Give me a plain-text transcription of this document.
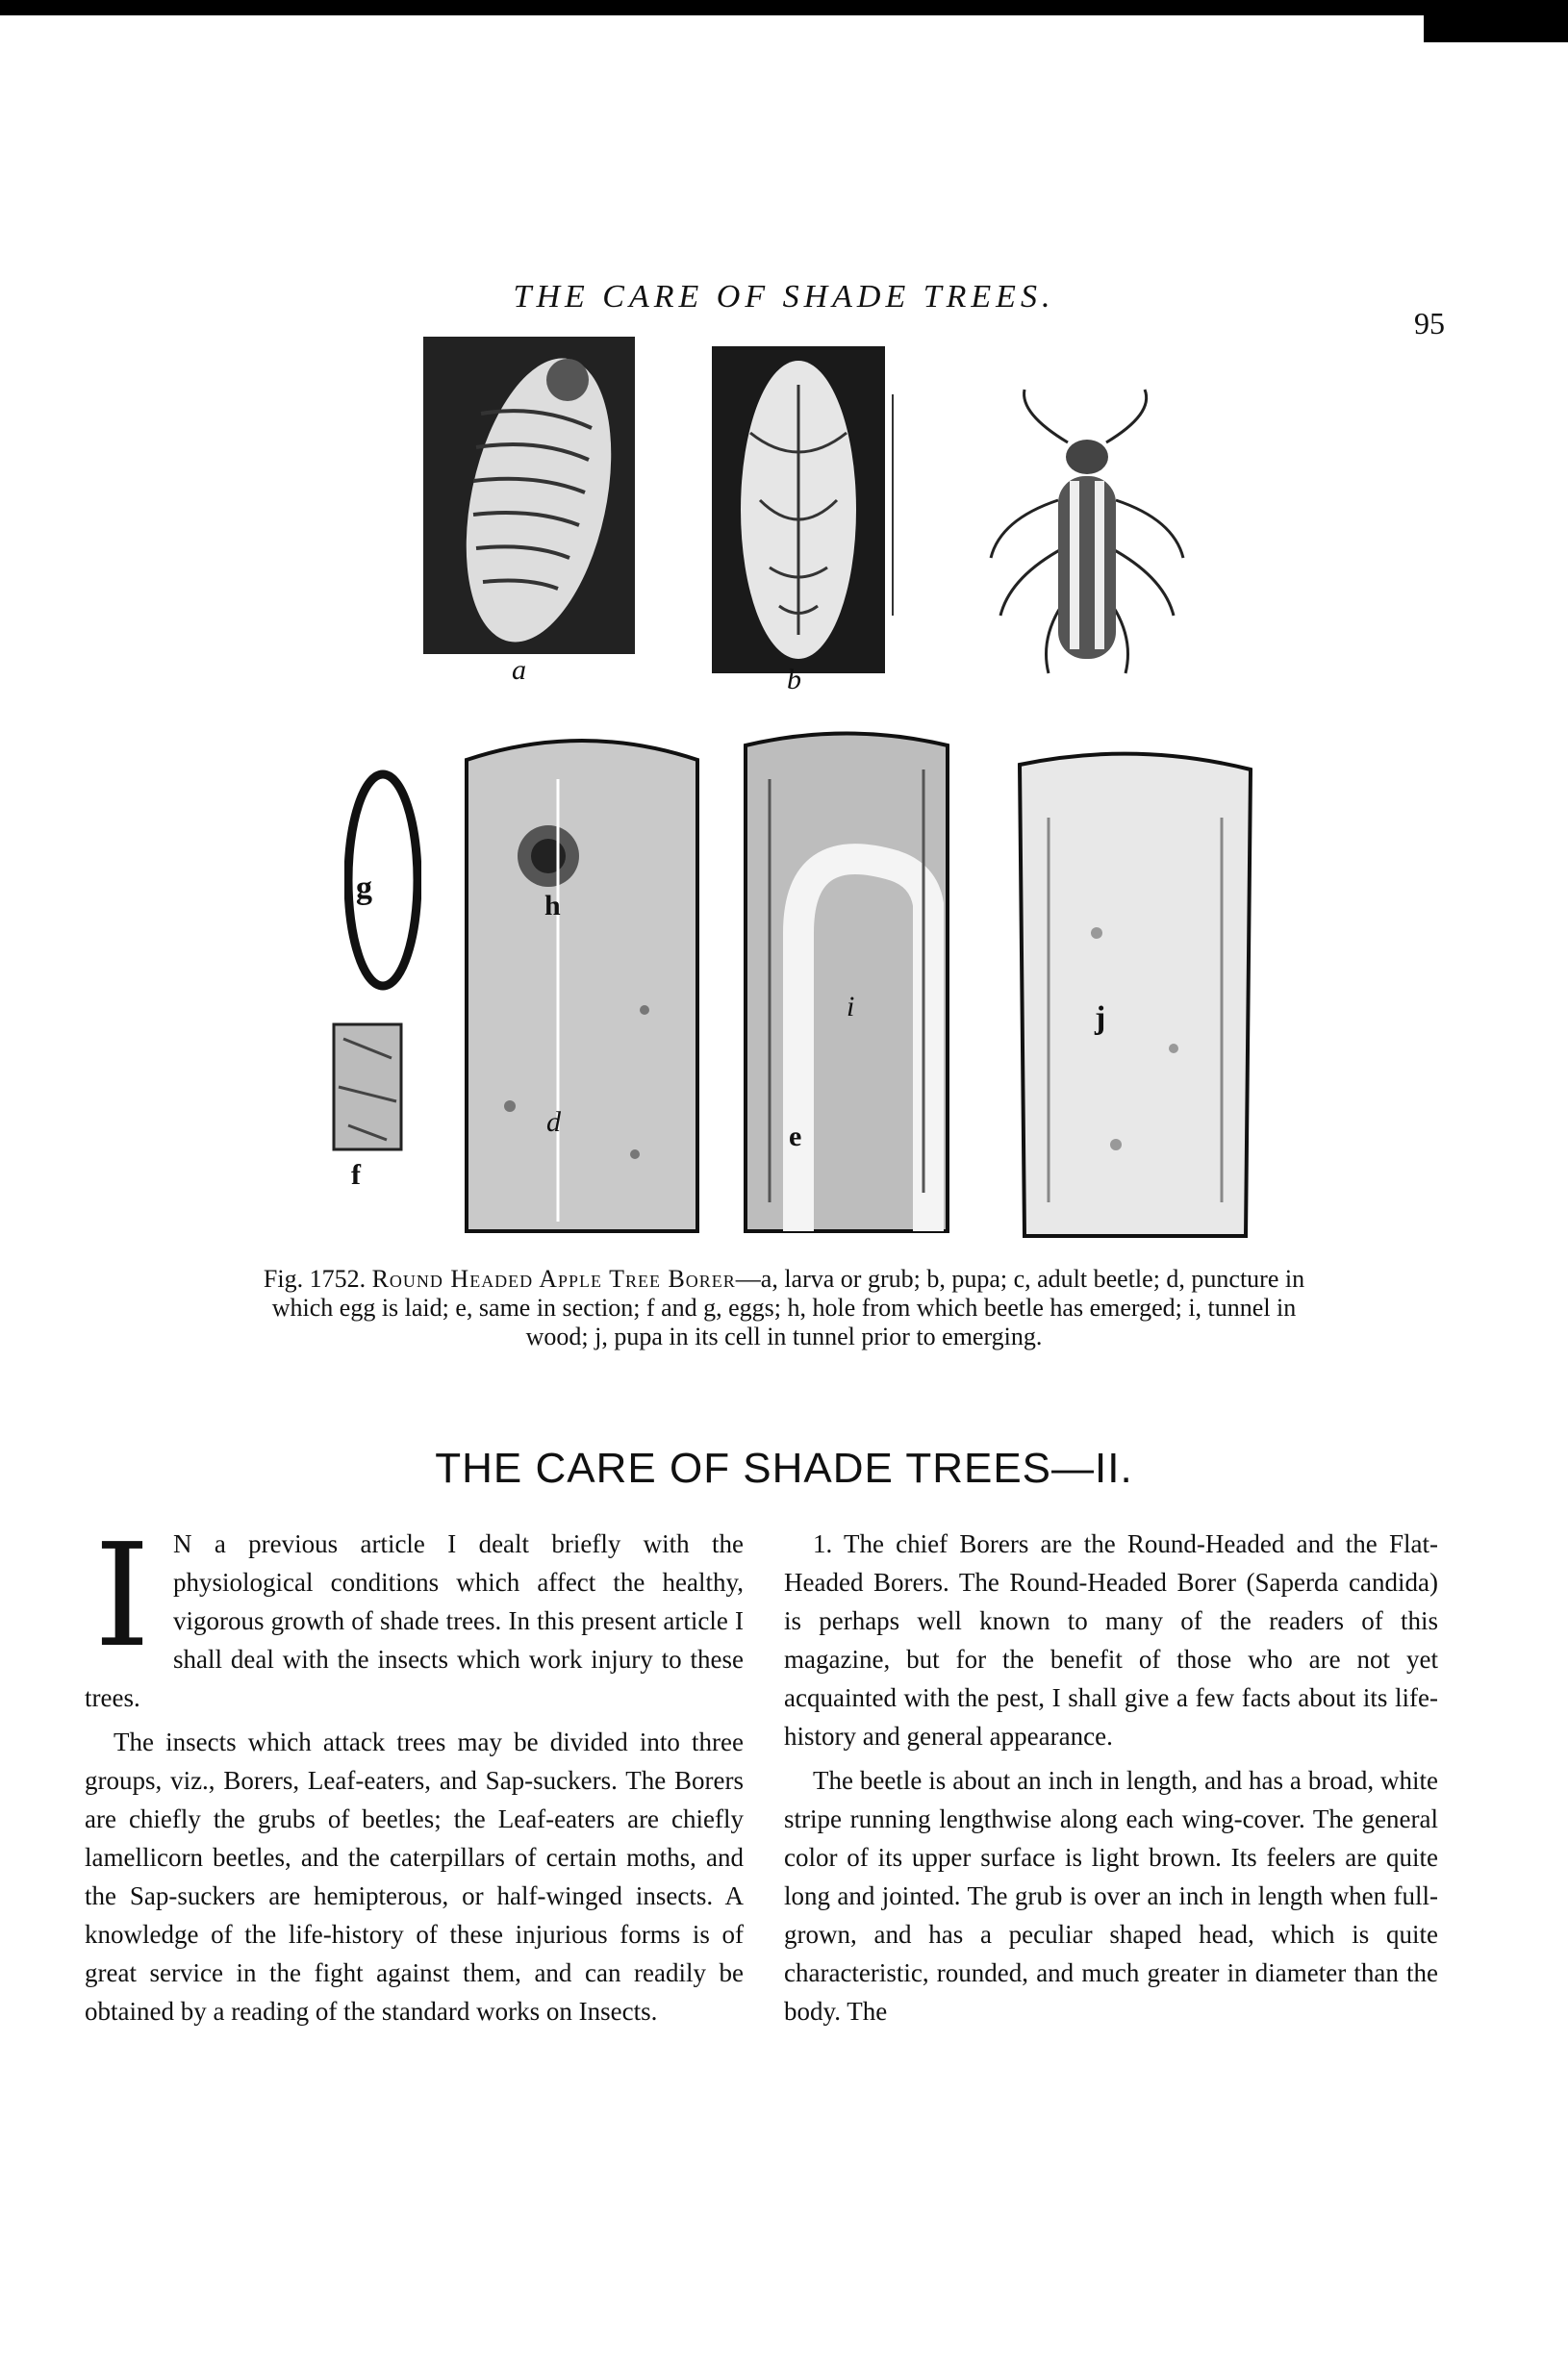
THE CARE OF SHADE TREES.
95
a	b
g
f
h
d
i
e
j
Fig. 1752. Round Headed Apple Tree Borer—a, larva or grub; b, pupa; c, adult beetle; d, puncture in which egg is laid; e, same in section; f and g, eggs; h, hole from which beetle has emerged; i, tunnel in wood; j, pupa in its cell in tunnel prior to emerging.
THE CARE OF SHADE TREES—II.

I N a previous article I dealt briefly with the physiological conditions which affect the healthy, vigorous growth of shade trees. In this present article I shall deal with the insects which work injury to these trees.

The insects which attack trees may be divided into three groups, viz., Borers, Leaf-eaters, and Sap-suckers. The Borers are chiefly the grubs of beetles; the Leaf-eaters are chiefly lamellicorn beetles, and the caterpillars of certain moths, and the Sap-suckers are hemipterous, or half-winged insects. A knowledge of the life-history of these injurious forms is of great service in the fight against them, and can readily be obtained by a reading of the standard works on Insects.

1. The chief Borers are the Round-Headed and the Flat-Headed Borers. The Round-Headed Borer (Saperda candida) is perhaps well known to many of the readers of this magazine, but for the benefit of those who are not yet acquainted with the pest, I shall give a few facts about its life-history and general appearance.

The beetle is about an inch in length, and has a broad, white stripe running lengthwise along each wing-cover. The general color of its upper surface is light brown. Its feelers are quite long and jointed. The grub is over an inch in length when full-grown, and has a peculiar shaped head, which is quite characteristic, rounded, and much greater in diameter than the body. The
